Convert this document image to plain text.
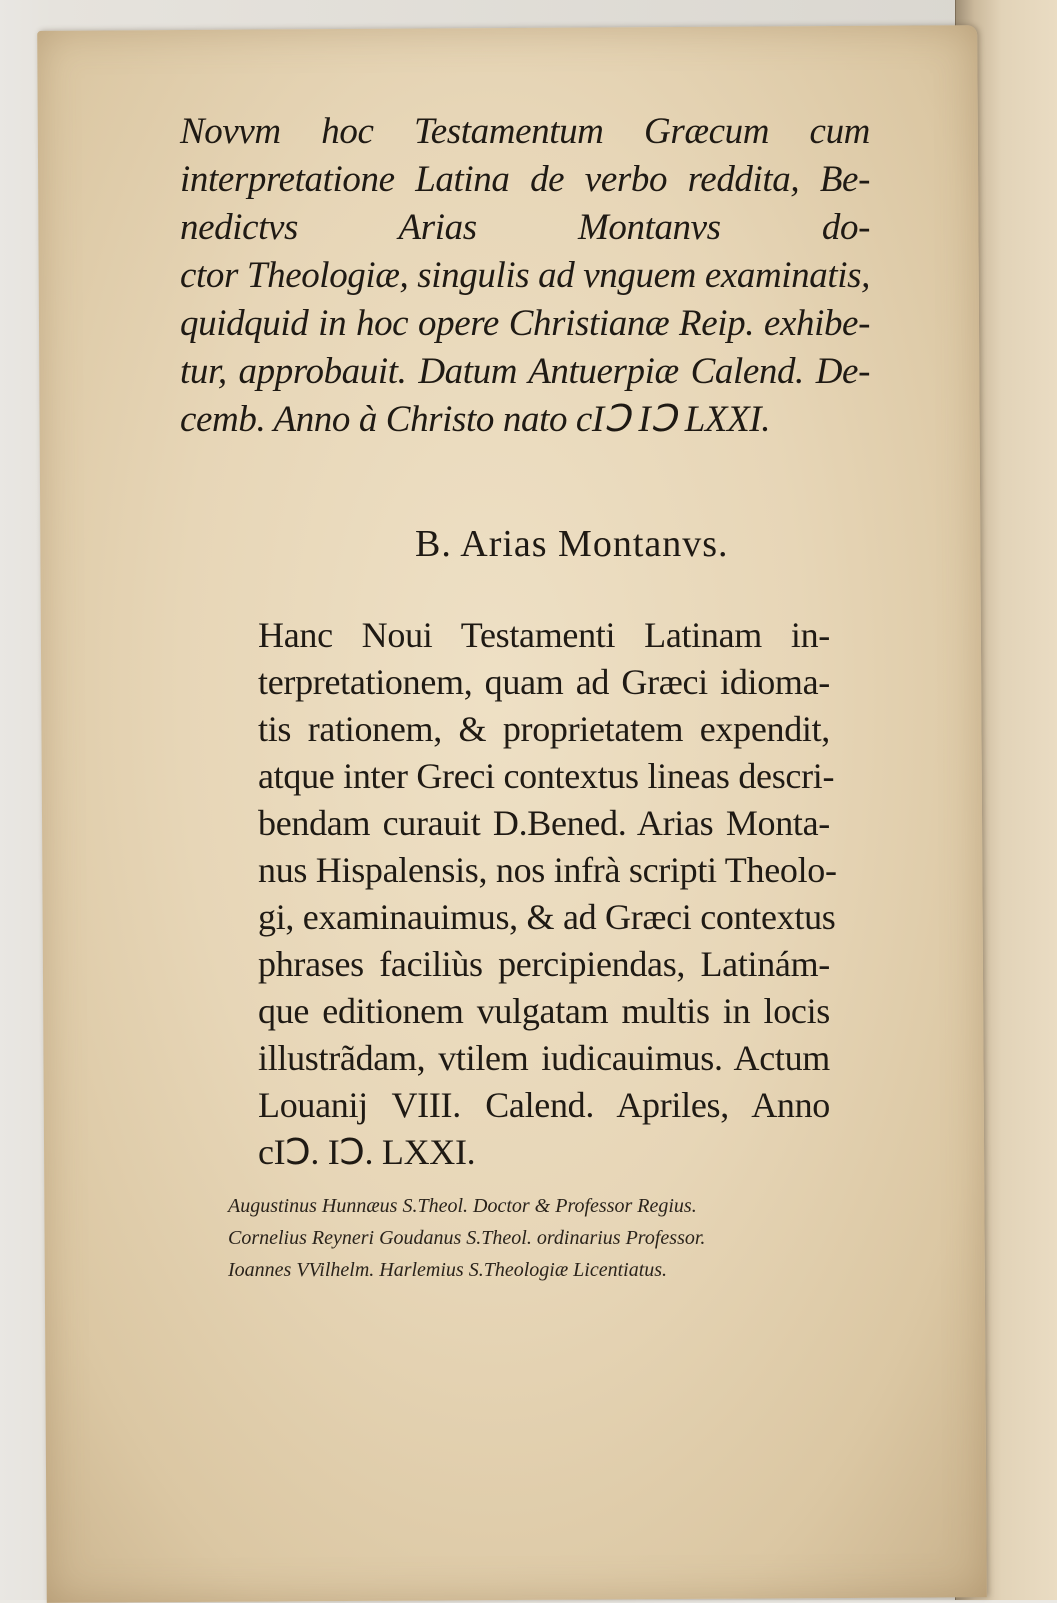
Novvm hoc Testamentum Græcum cum
interpretatione Latina de verbo reddita, Be-
nedictvs Arias Montanvs do-
ctor Theologiæ, singulis ad vnguem examinatis,
quidquid in hoc opere Christianæ Reip. exhibe-
tur, approbauit. Datum Antuerpiæ Calend. De-
cemb. Anno à Christo nato cIↃ IↃ LXXI.
B. Arias Montanvs.
Hanc Noui Testamenti Latinam in-
terpretationem, quam ad Græci idioma-
tis rationem, & proprietatem expendit,
atque inter Greci contextus lineas descri-
bendam curauit D.Bened. Arias Monta-
nus Hispalensis, nos infrà scripti Theolo-
gi, examinauimus, & ad Græci contextus
phrases faciliùs percipiendas, Latinám-
que editionem vulgatam multis in locis
illustrãdam, vtilem iudicauimus. Actum
Louanij VIII. Calend. Apriles, Anno
cIↃ. IↃ. LXXI.
Augustinus Hunnæus S.Theol. Doctor & Professor Regius.
Cornelius Reyneri Goudanus S.Theol. ordinarius Professor.
Ioannes VVilhelm. Harlemius S.Theologiæ Licentiatus.
